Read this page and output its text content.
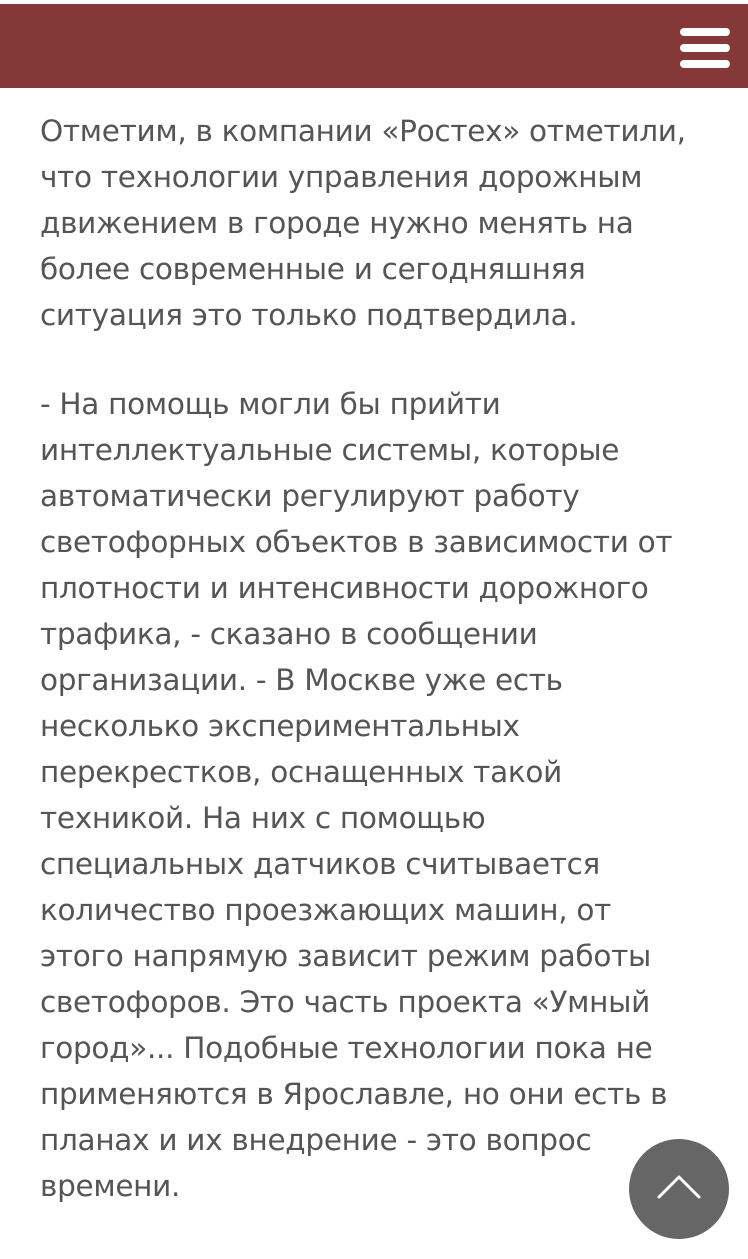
Отметим, в компании «Ростех» отметили,
что технологии управления дорожным
движением в городе нужно менять на
более современные и сегодняшняя
ситуация это только подтвердила.

- На помощь могли бы прийти
интеллектуальные системы, которые
автоматически регулируют работу
светофорных объектов в зависимости от
плотности и интенсивности дорожного
трафика, - сказано в сообщении
организации. - В Москве уже есть
несколько экспериментальных
перекрестков, оснащенных такой
техникой. На них с помощью
специальных датчиков считывается
количество проезжающих машин, от
этого напрямую зависит режим работы
светофоров. Это часть проекта «Умный
город»... Подобные технологии пока не
применяются в Ярославле, но они есть в
планах и их внедрение - это вопрос
времени.
